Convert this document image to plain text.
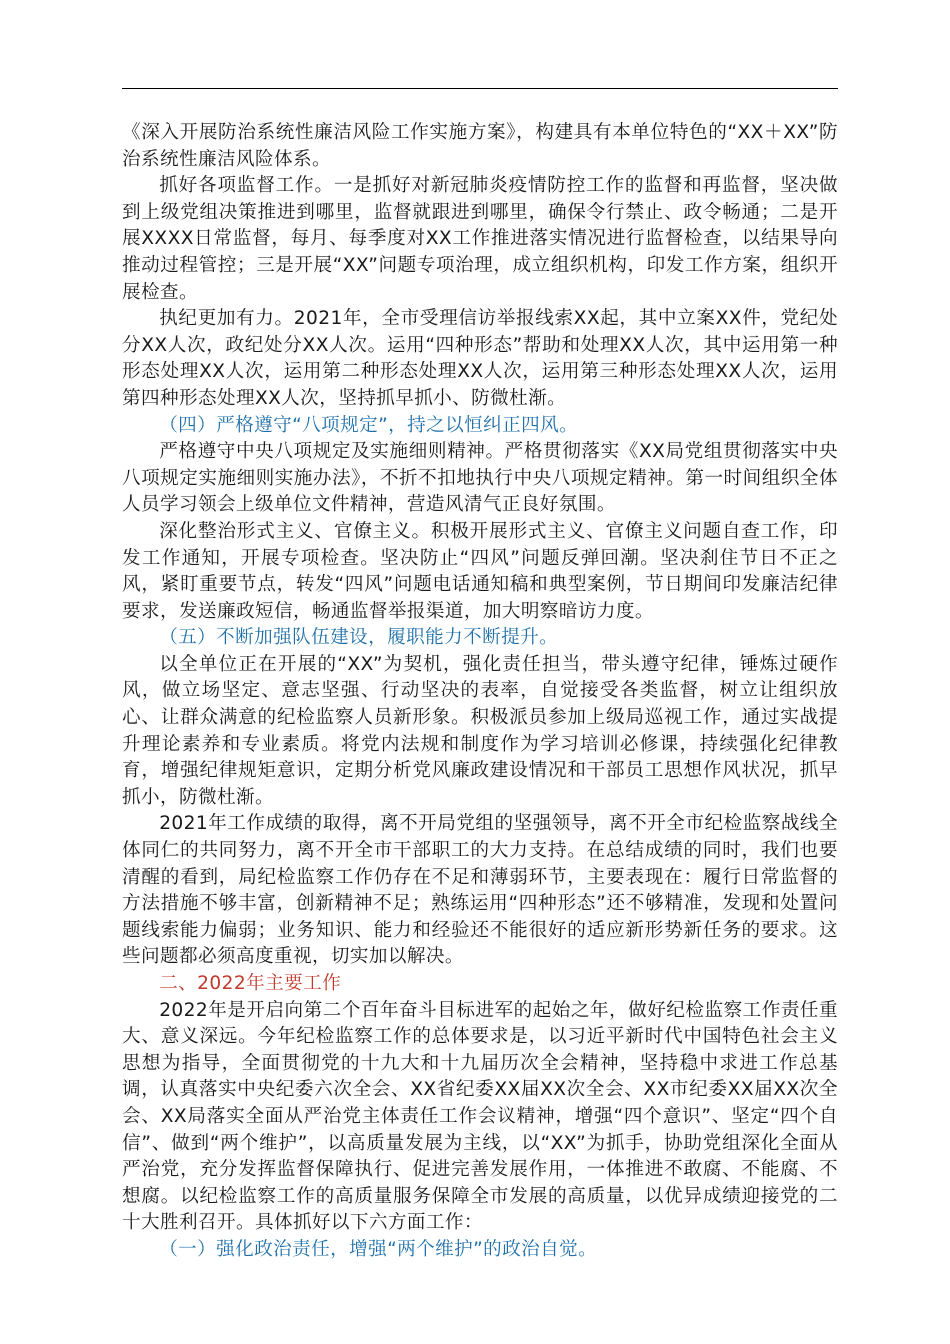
《深入开展防治系统性廉洁风险工作实施方案》，构建具有本单位特色的“XX＋XX”防治系统性廉洁风险体系。

抓好各项监督工作。一是抓好对新冠肺炎疫情防控工作的监督和再监督，坚决做到上级党组决策推进到哪里，监督就跟进到哪里，确保令行禁止、政令畅通；二是开展XXXX日常监督，每月、每季度对XX工作推进落实情况进行监督检查，以结果导向推动过程管控；三是开展“XX”问题专项治理，成立组织机构，印发工作方案，组织开展检查。

执纪更加有力。2021年，全市受理信访举报线索XX起，其中立案XX件，党纪处分XX人次，政纪处分XX人次。运用“四种形态”帮助和处理XX人次，其中运用第一种形态处理XX人次，运用第二种形态处理XX人次，运用第三种形态处理XX人次，运用第四种形态处理XX人次，坚持抓早抓小、防微杜渐。

（四）严格遵守“八项规定”，持之以恒纠正四风。

严格遵守中央八项规定及实施细则精神。严格贯彻落实《XX局党组贯彻落实中央八项规定实施细则实施办法》，不折不扣地执行中央八项规定精神。第一时间组织全体人员学习领会上级单位文件精神，营造风清气正良好氛围。

深化整治形式主义、官僚主义。积极开展形式主义、官僚主义问题自查工作，印发工作通知，开展专项检查。坚决防止“四风”问题反弹回潮。坚决刹住节日不正之风，紧盯重要节点，转发“四风”问题电话通知稿和典型案例，节日期间印发廉洁纪律要求，发送廉政短信，畅通监督举报渠道，加大明察暗访力度。

（五）不断加强队伍建设，履职能力不断提升。

以全单位正在开展的“XX”为契机，强化责任担当，带头遵守纪律，锤炼过硬作风，做立场坚定、意志坚强、行动坚决的表率，自觉接受各类监督，树立让组织放心、让群众满意的纪检监察人员新形象。积极派员参加上级局巡视工作，通过实战提升理论素养和专业素质。将党内法规和制度作为学习培训必修课，持续强化纪律教育，增强纪律规矩意识，定期分析党风廉政建设情况和干部员工思想作风状况，抓早抓小，防微杜渐。

2021年工作成绩的取得，离不开局党组的坚强领导，离不开全市纪检监察战线全体同仁的共同努力，离不开全市干部职工的大力支持。在总结成绩的同时，我们也要清醒的看到，局纪检监察工作仍存在不足和薄弱环节，主要表现在：履行日常监督的方法措施不够丰富，创新精神不足；熟练运用“四种形态”还不够精准，发现和处置问题线索能力偏弱；业务知识、能力和经验还不能很好的适应新形势新任务的要求。这些问题都必须高度重视，切实加以解决。

二、2022年主要工作

2022年是开启向第二个百年奋斗目标进军的起始之年，做好纪检监察工作责任重大、意义深远。今年纪检监察工作的总体要求是，以习近平新时代中国特色社会主义思想为指导，全面贯彻党的十九大和十九届历次全会精神，坚持稳中求进工作总基调，认真落实中央纪委六次全会、XX省纪委XX届XX次全会、XX市纪委XX届XX次全会、XX局落实全面从严治党主体责任工作会议精神，增强“四个意识”、坚定“四个自信”、做到“两个维护”，以高质量发展为主线，以“XX”为抓手，协助党组深化全面从严治党，充分发挥监督保障执行、促进完善发展作用，一体推进不敢腐、不能腐、不想腐。以纪检监察工作的高质量服务保障全市发展的高质量，以优异成绩迎接党的二十大胜利召开。具体抓好以下六方面工作：

（一）强化政治责任，增强“两个维护”的政治自觉。
